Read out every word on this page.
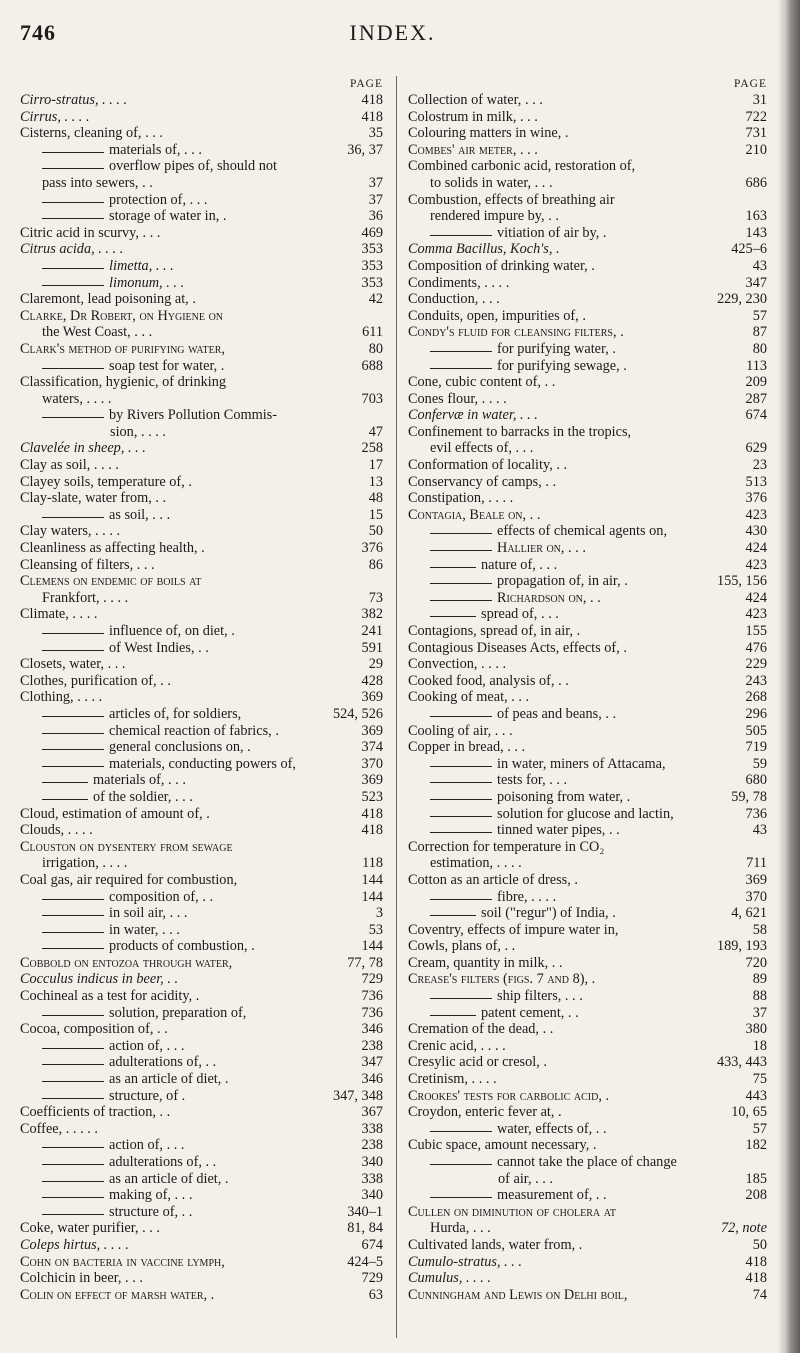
746	INDEX.
PAGE
Cirro-stratus, . . . .	418
Cirrus, . . . .	418
Cisterns, cleaning of, . . .	35
materials of, . . .	36, 37
overflow pipes of, should not
pass into sewers, . .	37
protection of, . . .	37
storage of water in, .	36
Citric acid in scurvy, . . .	469
Citrus acida, . . . .	353
limetta, . . .	353
limonum, . . .	353
Claremont, lead poisoning at, .	42
Clarke, Dr Robert, on Hygiene on
the West Coast, . . .	611
Clark's method of purifying water,	80
soap test for water, .	688
Classification, hygienic, of drinking
waters, . . . .	703
by Rivers Pollution Commis-
sion, . . . .	47
Clavelée in sheep, . . .	258
Clay as soil, . . . .	17
Clayey soils, temperature of, .	13
Clay-slate, water from, . .	48
as soil, . . .	15
Clay waters, . . . .	50
Cleanliness as affecting health, .	376
Cleansing of filters, . . .	86
Clemens on endemic of boils at
Frankfort, . . . .	73
Climate, . . . .	382
influence of, on diet, .	241
of West Indies, . .	591
Closets, water, . . .	29
Clothes, purification of, . .	428
Clothing, . . . .	369
articles of, for soldiers,	524, 526
chemical reaction of fabrics, .	369
general conclusions on, .	374
materials, conducting powers of,	370
materials of, . . .	369
of the soldier, . . .	523
Cloud, estimation of amount of, .	418
Clouds, . . . .	418
Clouston on dysentery from sewage
irrigation, . . . .	118
Coal gas, air required for combustion,	144
composition of, . .	144
in soil air, . . .	3
in water, . . .	53
products of combustion, .	144
Cobbold on entozoa through water,	77, 78
Cocculus indicus in beer, . .	729
Cochineal as a test for acidity, .	736
solution, preparation of,	736
Cocoa, composition of, . .	346
action of, . . .	238
adulterations of, . .	347
as an article of diet, .	346
structure, of .	347, 348
Coefficients of traction, . .	367
Coffee, . . . . .	338
action of, . . .	238
adulterations of, . .	340
as an article of diet, .	338
making of, . . .	340
structure of, . .	340–1
Coke, water purifier, . . .	81, 84
Coleps hirtus, . . . .	674
Cohn on bacteria in vaccine lymph,	424–5
Colchicin in beer, . . .	729
Colin on effect of marsh water, .	63
PAGE
Collection of water, . . .	31
Colostrum in milk, . . .	722
Colouring matters in wine, .	731
Combes' air meter, . . .	210
Combined carbonic acid, restoration of,
to solids in water, . . .	686
Combustion, effects of breathing air
rendered impure by, . .	163
vitiation of air by, .	143
Comma Bacillus, Koch's, .	425–6
Composition of drinking water, .	43
Condiments, . . . .	347
Conduction, . . .	229, 230
Conduits, open, impurities of, .	57
Condy's fluid for cleansing filters, .	87
for purifying water, .	80
for purifying sewage, .	113
Cone, cubic content of, . .	209
Cones flour, . . . .	287
Confervæ in water, . . .	674
Confinement to barracks in the tropics,
evil effects of, . . .	629
Conformation of locality, . .	23
Conservancy of camps, . .	513
Constipation, . . . .	376
Contagia, Beale on, . .	423
effects of chemical agents on,	430
Hallier on, . . .	424
nature of, . . .	423
propagation of, in air, .	155, 156
Richardson on, . .	424
spread of, . . .	423
Contagions, spread of, in air, .	155
Contagious Diseases Acts, effects of, .	476
Convection, . . . .	229
Cooked food, analysis of, . .	243
Cooking of meat, . . .	268
of peas and beans, . .	296
Cooling of air, . . .	505
Copper in bread, . . .	719
in water, miners of Attacama,	59
tests for, . . .	680
poisoning from water, .	59, 78
solution for glucose and lactin,	736
tinned water pipes, . .	43
Correction for temperature in CO₂
estimation, . . . .	711
Cotton as an article of dress, .	369
fibre, . . . .	370
soil ("regur") of India, .	4, 621
Coventry, effects of impure water in,	58
Cowls, plans of, . .	189, 193
Cream, quantity in milk, . .	720
Crease's filters (figs. 7 and 8), .	89
ship filters, . . .	88
patent cement, . .	37
Cremation of the dead, . .	380
Crenic acid, . . . .	18
Cresylic acid or cresol, .	433, 443
Cretinism, . . . .	75
Crookes' tests for carbolic acid, .	443
Croydon, enteric fever at, .	10, 65
water, effects of, . .	57
Cubic space, amount necessary, .	182
cannot take the place of change
of air, . . .	185
measurement of, . .	208
Cullen on diminution of cholera at
Hurda, . . .	72, note
Cultivated lands, water from, .	50
Cumulo-stratus, . . .	418
Cumulus, . . . .	418
Cunningham and Lewis on Delhi boil,	74
